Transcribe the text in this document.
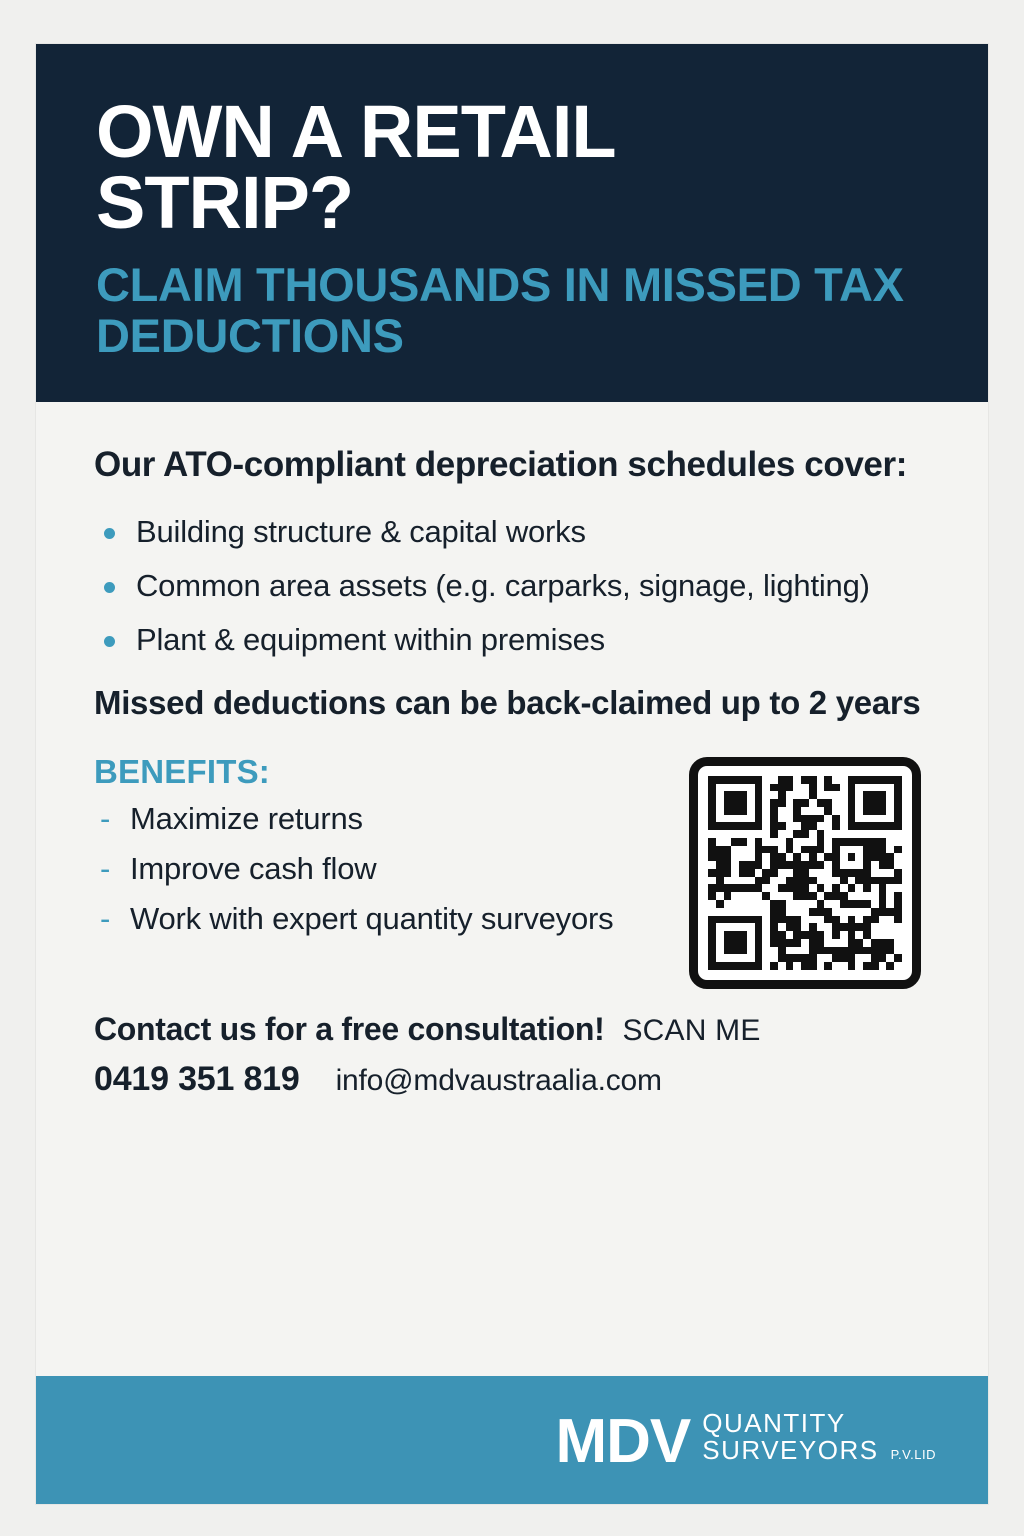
OWN A RETAIL STRIP?
CLAIM THOUSANDS IN MISSED TAX DEDUCTIONS

Our ATO-compliant depreciation schedules cover:

Building structure & capital works
Common area assets (e.g. carparks, signage, lighting)
Plant & equipment within premises

Missed deductions can be back-claimed up to 2 years

BENEFITS:

- Maximize returns
- Improve cash flow
- Work with expert quantity surveyors
Contact us for a free consultation! SCAN ME
0419 351 819 info@mdvaustraalia.com
MDV QUANTITY
SURVEYORS P.V.LID
